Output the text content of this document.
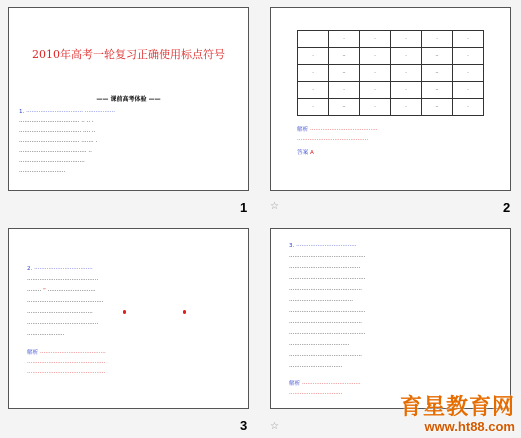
2010年高考一轮复习正确使用标点符号
—— 课前高考体验 ——
1. ································ ·················
·································· ·· ·· ·
··································· ···· ··
·································· ······· ·
······································ ··
·····································
··························
1
	·	·	·	·	·
·	··	·	·	··	·
·	··	·	·	··	·
·	·	·	·	··	·
·	··	·	·	··	·
解析 ······································
········································
答案 A
2
☆
2. ·································
········································
········ “ ···························
···········································
·····································
········································
·····················
解析 ·····································
············································
············································
3
3. ··································
···········································
········································
···········································
·········································
····································
···········································
·········································
···········································
··································
·········································
······························
解析 ·································
······························
☆
育星教育网
www.ht88.com
